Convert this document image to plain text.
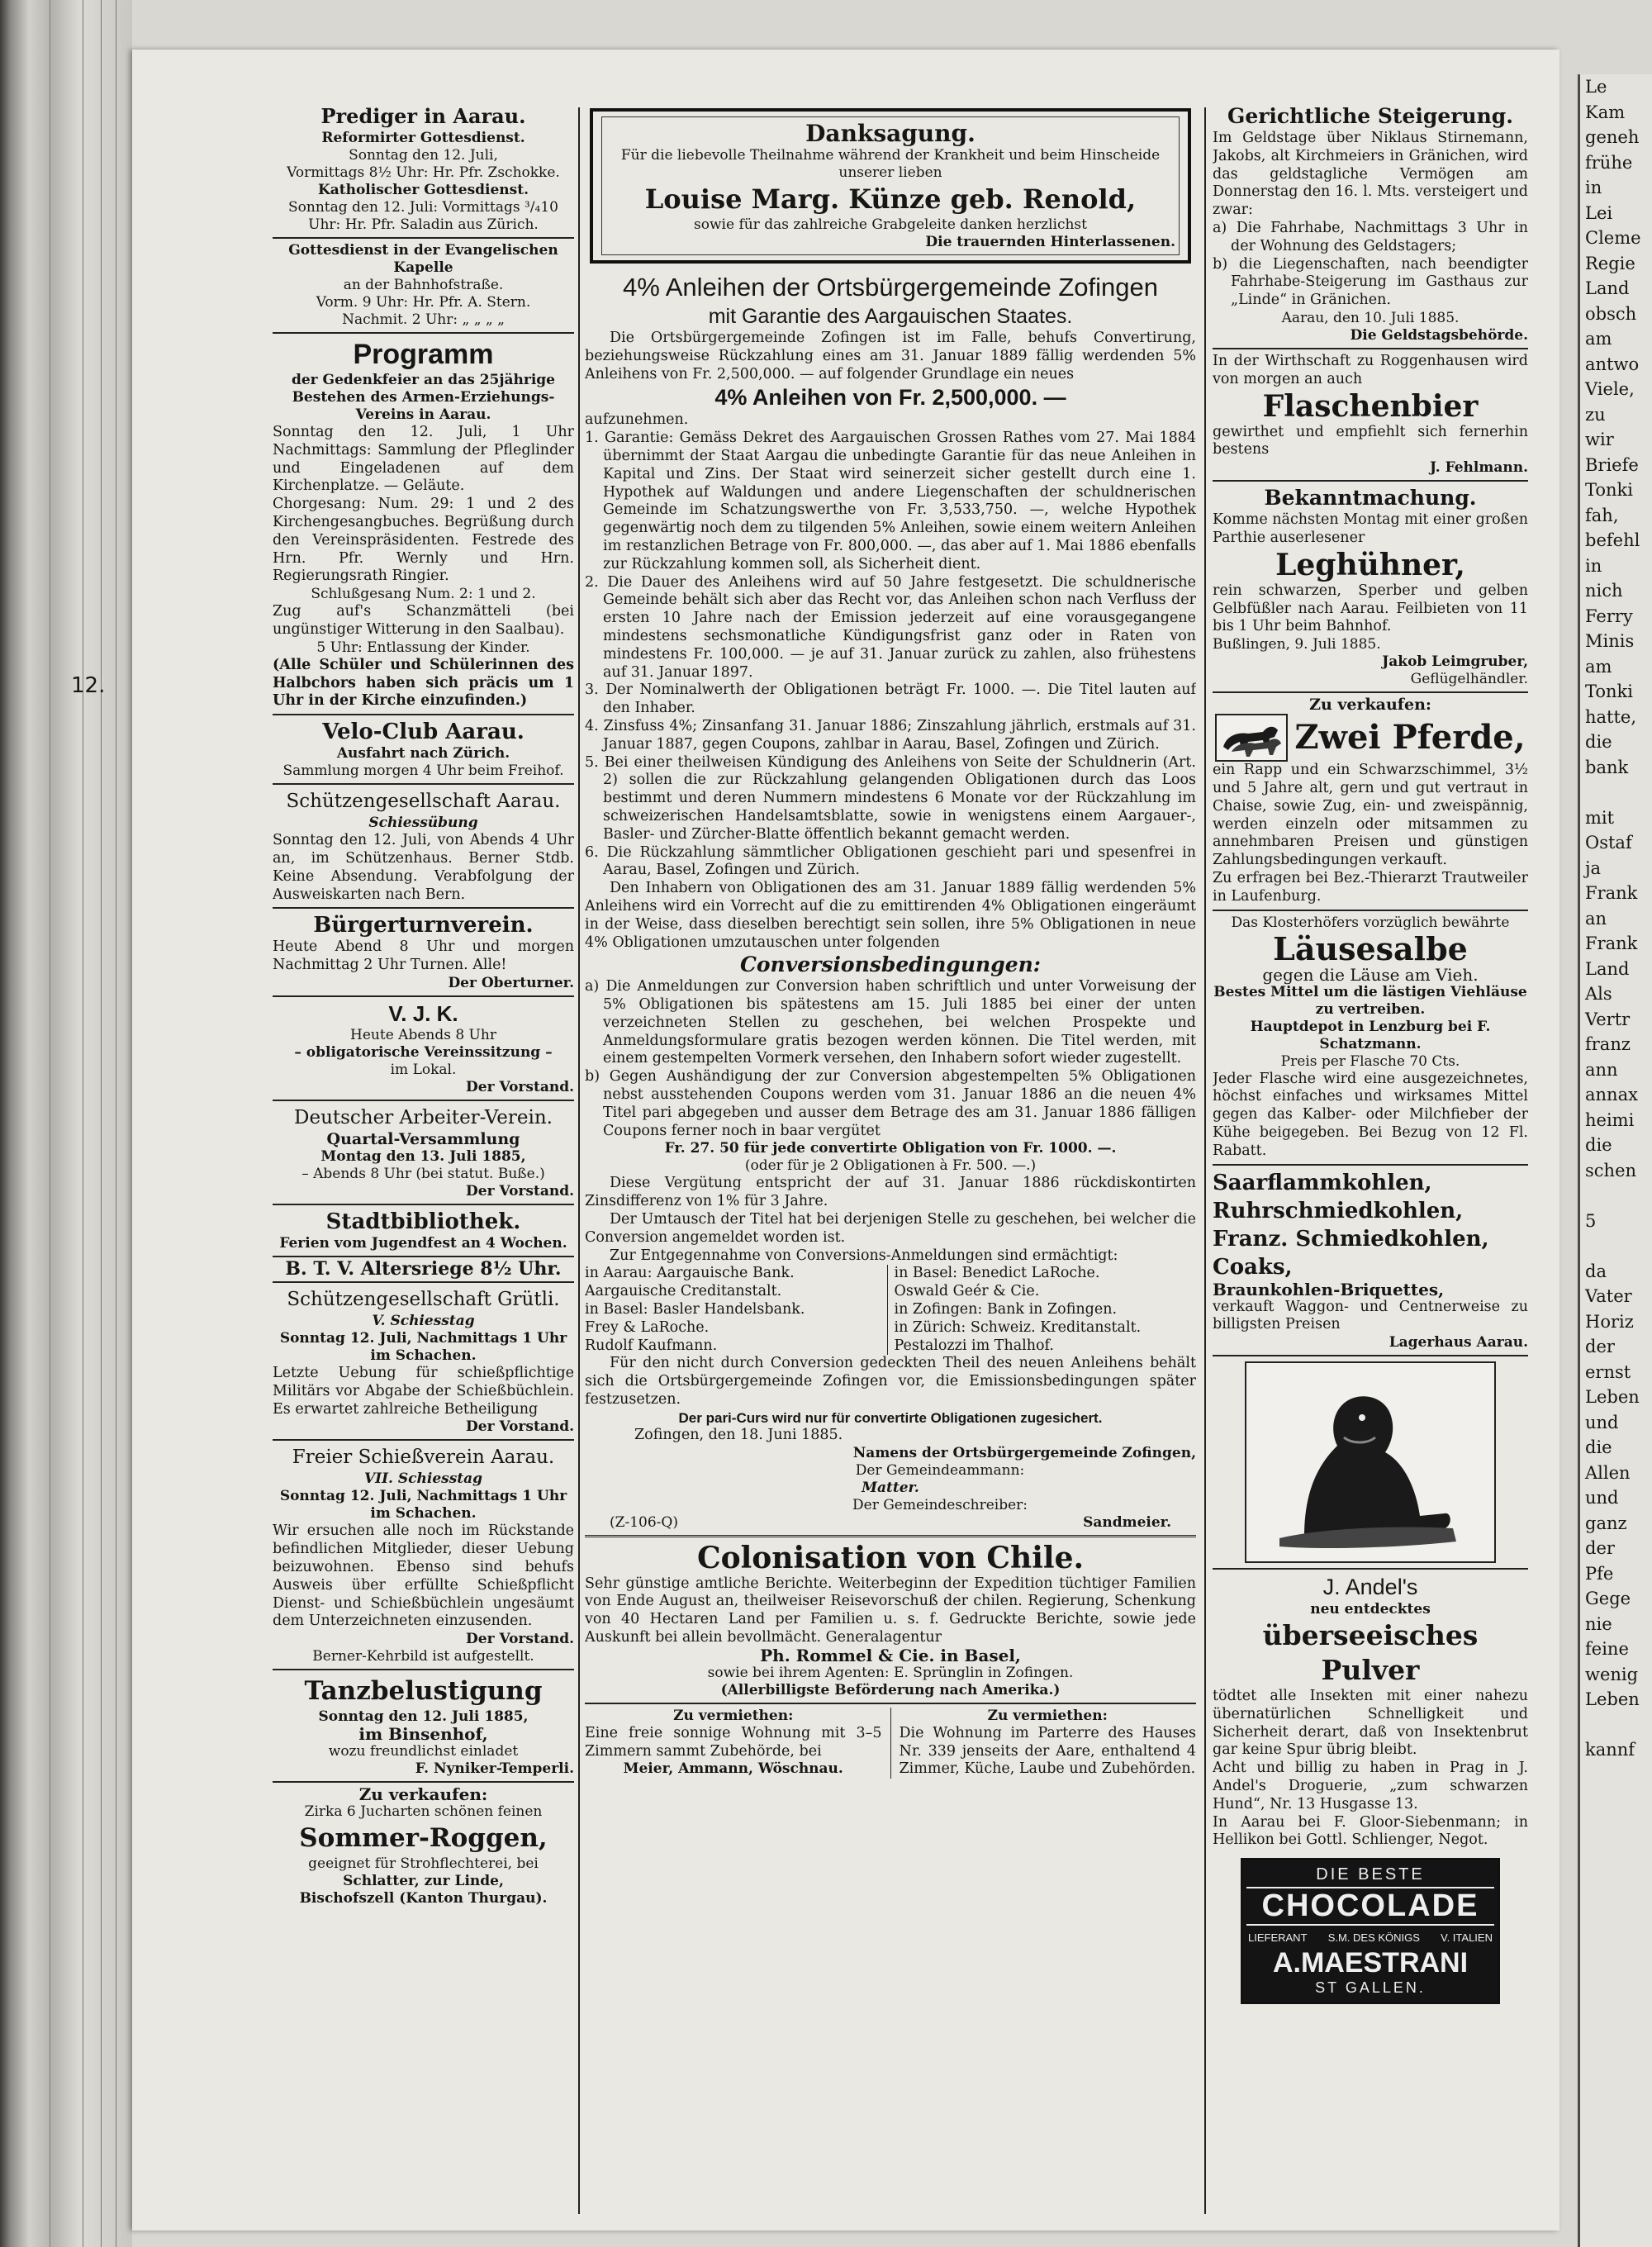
12.

Prediger in Aarau.

Reformirter Gottesdienst.

Sonntag den 12. Juli,

Vormittags 8½ Uhr: Hr. Pfr. Zschokke.

Katholischer Gottesdienst.

Sonntag den 12. Juli: Vormittags ³/₄10 Uhr: Hr. Pfr. Saladin aus Zürich.

Gottesdienst in der Evangelischen Kapelle

an der Bahnhofstraße.

Vorm. 9 Uhr: Hr. Pfr. A. Stern.

Nachmit. 2 Uhr: „ „ „ „

Programm

der Gedenkfeier an das 25jährige Bestehen des Armen-Erziehungs-Vereins in Aarau.

Sonntag den 12. Juli, 1 Uhr Nachmittags: Sammlung der Pfleglinder und Eingeladenen auf dem Kirchenplatze. — Geläute.

Chorgesang: Num. 29: 1 und 2 des Kirchengesangbuches. Begrüßung durch den Vereinspräsidenten. Festrede des Hrn. Pfr. Wernly und Hrn. Regierungsrath Ringier.

Schlußgesang Num. 2: 1 und 2.

Zug auf's Schanzmätteli (bei ungünstiger Witterung in den Saalbau).

5 Uhr: Entlassung der Kinder.

(Alle Schüler und Schülerinnen des Halbchors haben sich präcis um 1 Uhr in der Kirche einzufinden.)

Velo-Club Aarau.

Ausfahrt nach Zürich.

Sammlung morgen 4 Uhr beim Freihof.

Schützengesellschaft Aarau.

Schiessübung

Sonntag den 12. Juli, von Abends 4 Uhr an, im Schützenhaus. Berner Stdb. Keine Absendung. Verabfolgung der Ausweiskarten nach Bern.

Bürgerturnverein.

Heute Abend 8 Uhr und morgen Nachmittag 2 Uhr Turnen. Alle!

Der Oberturner.

V. J. K.

Heute Abends 8 Uhr

– obligatorische Vereinssitzung –

im Lokal.

Der Vorstand.

Deutscher Arbeiter-Verein.

Quartal-Versammlung

Montag den 13. Juli 1885,

– Abends 8 Uhr (bei statut. Buße.)

Der Vorstand.

Stadtbibliothek.

Ferien vom Jugendfest an 4 Wochen.

B. T. V. Altersriege 8½ Uhr.

Schützengesellschaft Grütli.

V. Schiesstag

Sonntag 12. Juli, Nachmittags 1 Uhr

im Schachen.

Letzte Uebung für schießpflichtige Militärs vor Abgabe der Schießbüchlein. Es erwartet zahlreiche Betheiligung

Der Vorstand.

Freier Schießverein Aarau.

VII. Schiesstag

Sonntag 12. Juli, Nachmittags 1 Uhr

im Schachen.

Wir ersuchen alle noch im Rückstande befindlichen Mitglieder, dieser Uebung beizuwohnen. Ebenso sind behufs Ausweis über erfüllte Schießpflicht Dienst- und Schießbüchlein ungesäumt dem Unterzeichneten einzusenden.

Der Vorstand.

Berner-Kehrbild ist aufgestellt.

Tanzbelustigung

Sonntag den 12. Juli 1885,

im Binsenhof,

wozu freundlichst einladet

F. Nyniker-Temperli.

Zu verkaufen:

Zirka 6 Jucharten schönen feinen

Sommer-Roggen,

geeignet für Strohflechterei, bei

Schlatter, zur Linde,

Bischofszell (Kanton Thurgau).

Danksagung.

Für die liebevolle Theilnahme während der Krankheit und beim Hinscheide unserer lieben

Louise Marg. Künze geb. Renold,

sowie für das zahlreiche Grabgeleite danken herzlichst

Die trauernden Hinterlassenen.

4% Anleihen der Ortsbürgergemeinde Zofingen

mit Garantie des Aargauischen Staates.

Die Ortsbürgergemeinde Zofingen ist im Falle, behufs Convertirung, beziehungsweise Rückzahlung eines am 31. Januar 1889 fällig werdenden 5% Anleihens von Fr. 2,500,000. — auf folgender Grundlage ein neues

4% Anleihen von Fr. 2,500,000. —

aufzunehmen.

1. Garantie: Gemäss Dekret des Aargauischen Grossen Rathes vom 27. Mai 1884 übernimmt der Staat Aargau die unbedingte Garantie für das neue Anleihen in Kapital und Zins. Der Staat wird seinerzeit sicher gestellt durch eine 1. Hypothek auf Waldungen und andere Liegenschaften der schuldnerischen Gemeinde im Schatzungswerthe von Fr. 3,533,750. —, welche Hypothek gegenwärtig noch dem zu tilgenden 5% Anleihen, sowie einem weitern Anleihen im restanzlichen Betrage von Fr. 800,000. —, das aber auf 1. Mai 1886 ebenfalls zur Rückzahlung kommen soll, als Sicherheit dient.

2. Die Dauer des Anleihens wird auf 50 Jahre festgesetzt. Die schuldnerische Gemeinde behält sich aber das Recht vor, das Anleihen schon nach Verfluss der ersten 10 Jahre nach der Emission jederzeit auf eine vorausgegangene mindestens sechsmonatliche Kündigungsfrist ganz oder in Raten von mindestens Fr. 100,000. — je auf 31. Januar zurück zu zahlen, also frühestens auf 31. Januar 1897.

3. Der Nominalwerth der Obligationen beträgt Fr. 1000. —. Die Titel lauten auf den Inhaber.

4. Zinsfuss 4%; Zinsanfang 31. Januar 1886; Zinszahlung jährlich, erstmals auf 31. Januar 1887, gegen Coupons, zahlbar in Aarau, Basel, Zofingen und Zürich.

5. Bei einer theilweisen Kündigung des Anleihens von Seite der Schuldnerin (Art. 2) sollen die zur Rückzahlung gelangenden Obligationen durch das Loos bestimmt und deren Nummern mindestens 6 Monate vor der Rückzahlung im schweizerischen Handelsamtsblatte, sowie in wenigstens einem Aargauer-, Basler- und Zürcher-Blatte öffentlich bekannt gemacht werden.

6. Die Rückzahlung sämmtlicher Obligationen geschieht pari und spesenfrei in Aarau, Basel, Zofingen und Zürich.

Den Inhabern von Obligationen des am 31. Januar 1889 fällig werdenden 5% Anleihens wird ein Vorrecht auf die zu emittirenden 4% Obligationen eingeräumt in der Weise, dass dieselben berechtigt sein sollen, ihre 5% Obligationen in neue 4% Obligationen umzutauschen unter folgenden

Conversionsbedingungen:

a) Die Anmeldungen zur Conversion haben schriftlich und unter Vorweisung der 5% Obligationen bis spätestens am 15. Juli 1885 bei einer der unten verzeichneten Stellen zu geschehen, bei welchen Prospekte und Anmeldungsformulare gratis bezogen werden können. Die Titel werden, mit einem gestempelten Vormerk versehen, den Inhabern sofort wieder zugestellt.

b) Gegen Aushändigung der zur Conversion abgestempelten 5% Obligationen nebst ausstehenden Coupons werden vom 31. Januar 1886 an die neuen 4% Titel pari abgegeben und ausser dem Betrage des am 31. Januar 1886 fälligen Coupons ferner noch in baar vergütet

Fr. 27. 50 für jede convertirte Obligation von Fr. 1000. —.

(oder für je 2 Obligationen à Fr. 500. —.)

Diese Vergütung entspricht der auf 31. Januar 1886 rückdiskontirten Zinsdifferenz von 1% für 3 Jahre.

Der Umtausch der Titel hat bei derjenigen Stelle zu geschehen, bei welcher die Conversion angemeldet worden ist.

Zur Entgegennahme von Conversions-Anmeldungen sind ermächtigt:

in Aarau: Aargauische Bank.

Aargauische Creditanstalt.

in Basel: Basler Handelsbank.

Frey & LaRoche.

Rudolf Kaufmann.

in Basel: Benedict LaRoche.

Oswald Geér & Cie.

in Zofingen: Bank in Zofingen.

in Zürich: Schweiz. Kreditanstalt.

Pestalozzi im Thalhof.

Für den nicht durch Conversion gedeckten Theil des neuen Anleihens behält sich die Ortsbürgergemeinde Zofingen vor, die Emissionsbedingungen später festzusetzen.

Der pari-Curs wird nur für convertirte Obligationen zugesichert.

Zofingen, den 18. Juni 1885.

Namens der Ortsbürgergemeinde Zofingen,

Der Gemeindeammann:

Matter.

Der Gemeindeschreiber:

(Z-106-Q)	Sandmeier.

Colonisation von Chile.

Sehr günstige amtliche Berichte. Weiterbeginn der Expedition tüchtiger Familien von Ende August an, theilweiser Reisevorschuß der chilen. Regierung, Schenkung von 40 Hectaren Land per Familien u. s. f. Gedruckte Berichte, sowie jede Auskunft bei allein bevollmächt. Generalagentur

Ph. Rommel & Cie. in Basel,

sowie bei ihrem Agenten: E. Sprünglin in Zofingen.

(Allerbilligste Beförderung nach Amerika.)

Zu vermiethen:

Eine freie sonnige Wohnung mit 3–5 Zimmern sammt Zubehörde, bei

Meier, Ammann, Wöschnau.

Zu vermiethen:

Die Wohnung im Parterre des Hauses Nr. 339 jenseits der Aare, enthaltend 4 Zimmer, Küche, Laube und Zubehörden.

Gerichtliche Steigerung.

Im Geldstage über Niklaus Stirnemann, Jakobs, alt Kirchmeiers in Gränichen, wird das geldstagliche Vermögen am Donnerstag den 16. l. Mts. versteigert und zwar:

a) Die Fahrhabe, Nachmittags 3 Uhr in der Wohnung des Geldstagers;

b) die Liegenschaften, nach beendigter Fahrhabe-Steigerung im Gasthaus zur „Linde“ in Gränichen.

Aarau, den 10. Juli 1885.

Die Geldstagsbehörde.

In der Wirthschaft zu Roggenhausen wird von morgen an auch

Flaschenbier

gewirthet und empfiehlt sich fernerhin bestens

J. Fehlmann.

Bekanntmachung.

Komme nächsten Montag mit einer großen Parthie auserlesener

Leghühner,

rein schwarzen, Sperber und gelben Gelbfüßler nach Aarau. Feilbieten von 11 bis 1 Uhr beim Bahnhof.

Bußlingen, 9. Juli 1885.

Jakob Leimgruber,

Geflügelhändler.

Zu verkaufen:

Zwei Pferde,

ein Rapp und ein Schwarzschimmel, 3½ und 5 Jahre alt, gern und gut vertraut in Chaise, sowie Zug, ein- und zweispännig, werden einzeln oder mitsammen zu annehmbaren Preisen und günstigen Zahlungsbedingungen verkauft.

Zu erfragen bei Bez.-Thierarzt Trautweiler in Laufenburg.

Das Klosterhöfers vorzüglich bewährte

Läusesalbe

gegen die Läuse am Vieh.

Bestes Mittel um die lästigen Viehläuse zu vertreiben.

Hauptdepot in Lenzburg bei F. Schatzmann.

Preis per Flasche 70 Cts.

Jeder Flasche wird eine ausgezeichnetes, höchst einfaches und wirksames Mittel gegen das Kalber- oder Milchfieber der Kühe beigegeben. Bei Bezug von 12 Fl. Rabatt.

Saarflammkohlen,

Ruhrschmiedkohlen,

Franz. Schmiedkohlen,

Coaks,

Braunkohlen-Briquettes,

verkauft Waggon- und Centnerweise zu billigsten Preisen

Lagerhaus Aarau.

J. Andel's

neu entdecktes

überseeisches Pulver

tödtet alle Insekten mit einer nahezu übernatürlichen Schnelligkeit und Sicherheit derart, daß von Insektenbrut gar keine Spur übrig bleibt.

Acht und billig zu haben in Prag in J. Andel's Droguerie, „zum schwarzen Hund“, Nr. 13 Husgasse 13.

In Aarau bei F. Gloor-Siebenmann; in Hellikon bei Gottl. Schlienger, Negot.

DIE BESTE
CHOCOLADE
LIEFERANT S.M. DES KÖNIGS V. ITALIEN
A.MAESTRANI
ST GALLEN.
Le
Kam
geneh
frühe
in
Lei
Cleme
Regie
Land
obsch
am
antwo
Viele,
zu
wir
Briefe
Tonki
fah,
befehl
in
nich
Ferry
Minis
am
Tonki
hatte,
die
bank

mit
Ostaf
ja
Frank
an
Frank
Land
Als
Vertr
franz
ann
annax
heimi
die
schen

5

da
Vater
Horiz
der
ernst
Leben
und
die
Allen
und
ganz
der
Pfe
Gege
nie
feine
wenig
Leben

kannf
